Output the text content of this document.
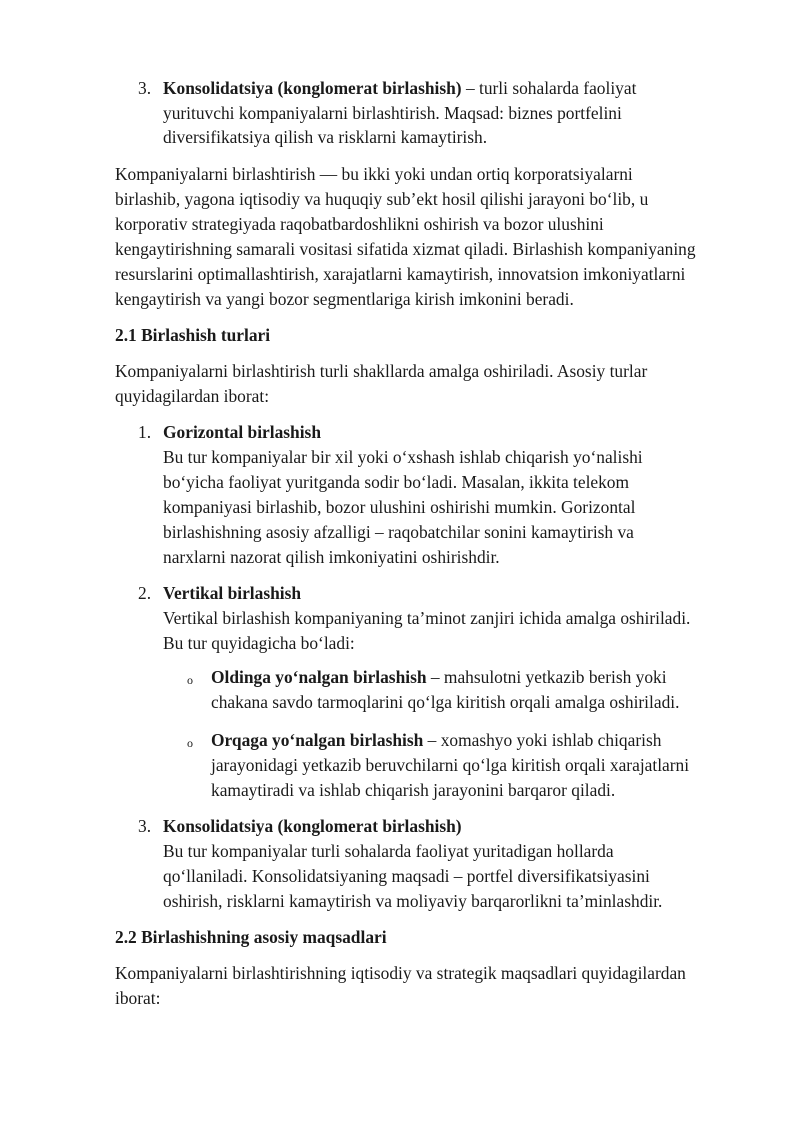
3. Konsolidatsiya (konglomerat birlashish) – turli sohalarda faoliyat
yurituvchi kompaniyalarni birlashtirish. Maqsad: biznes portfelini
diversifikatsiya qilish va risklarni kamaytirish.
Kompaniyalarni birlashtirish — bu ikki yoki undan ortiq korporatsiyalarni
birlashib, yagona iqtisodiy va huquqiy sub’ekt hosil qilishi jarayoni bo‘lib, u
korporativ strategiyada raqobatbardoshlikni oshirish va bozor ulushini
kengaytirishning samarali vositasi sifatida xizmat qiladi. Birlashish kompaniyaning
resurslarini optimallashtirish, xarajatlarni kamaytirish, innovatsion imkoniyatlarni
kengaytirish va yangi bozor segmentlariga kirish imkonini beradi.
2.1 Birlashish turlari
Kompaniyalarni birlashtirish turli shakllarda amalga oshiriladi. Asosiy turlar
quyidagilardan iborat:
1. Gorizontal birlashish
Bu tur kompaniyalar bir xil yoki o‘xshash ishlab chiqarish yo‘nalishi
bo‘yicha faoliyat yuritganda sodir bo‘ladi. Masalan, ikkita telekom
kompaniyasi birlashib, bozor ulushini oshirishi mumkin. Gorizontal
birlashishning asosiy afzalligi – raqobatchilar sonini kamaytirish va
narxlarni nazorat qilish imkoniyatini oshirishdir.
2. Vertikal birlashish
Vertikal birlashish kompaniyaning ta’minot zanjiri ichida amalga oshiriladi.
Bu tur quyidagicha bo‘ladi:
o Oldinga yo‘nalgan birlashish – mahsulotni yetkazib berish yoki
chakana savdo tarmoqlarini qo‘lga kiritish orqali amalga oshiriladi.
o Orqaga yo‘nalgan birlashish – xomashyo yoki ishlab chiqarish
jarayonidagi yetkazib beruvchilarni qo‘lga kiritish orqali xarajatlarni
kamaytiradi va ishlab chiqarish jarayonini barqaror qiladi.
3. Konsolidatsiya (konglomerat birlashish)
Bu tur kompaniyalar turli sohalarda faoliyat yuritadigan hollarda
qo‘llaniladi. Konsolidatsiyaning maqsadi – portfel diversifikatsiyasini
oshirish, risklarni kamaytirish va moliyaviy barqarorlikni ta’minlashdir.
2.2 Birlashishning asosiy maqsadlari
Kompaniyalarni birlashtirishning iqtisodiy va strategik maqsadlari quyidagilardan
iborat:
